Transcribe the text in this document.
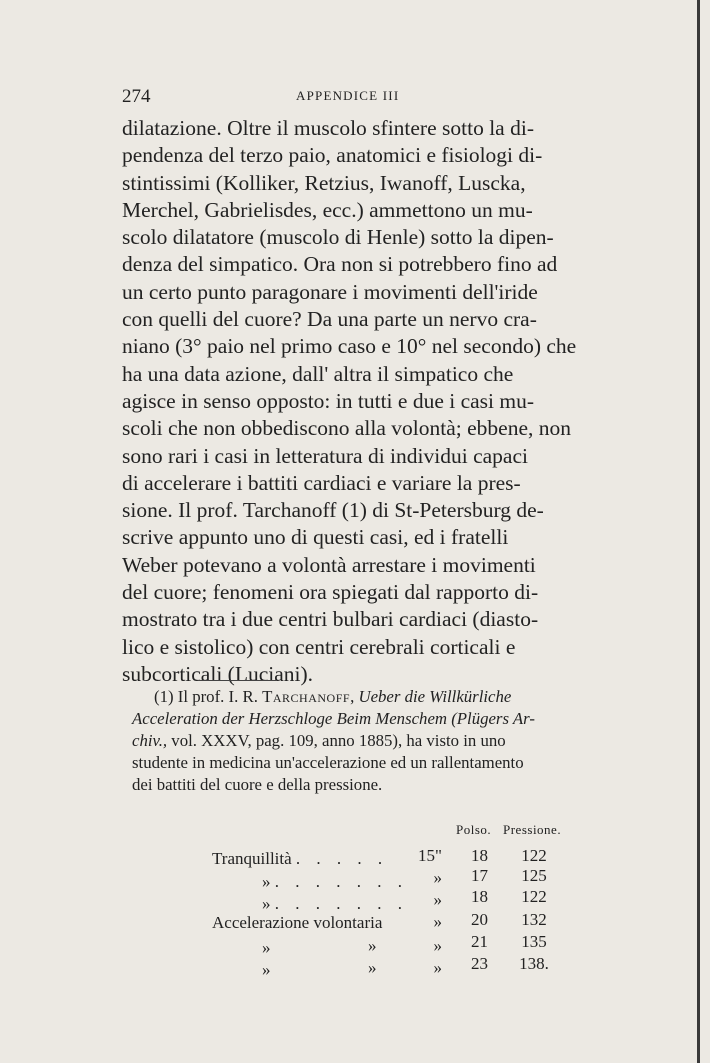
274	APPENDICE III
dilatazione. Oltre il muscolo sfintere sotto la di-
pendenza del terzo paio, anatomici e fisiologi di-
stintissimi (Kolliker, Retzius, Iwanoff, Luscka,
Merchel, Gabrielisdes, ecc.) ammettono un mu-
scolo dilatatore (muscolo di Henle) sotto la dipen-
denza del simpatico. Ora non si potrebbero fino ad
un certo punto paragonare i movimenti dell'iride
con quelli del cuore? Da una parte un nervo cra-
niano (3° paio nel primo caso e 10° nel secondo) che
ha una data azione, dall' altra il simpatico che
agisce in senso opposto: in tutti e due i casi mu-
scoli che non obbediscono alla volontà; ebbene, non
sono rari i casi in letteratura di individui capaci
di accelerare i battiti cardiaci e variare la pres-
sione. Il prof. Tarchanoff (1) di St-Petersburg de-
scrive appunto uno di questi casi, ed i fratelli
Weber potevano a volontà arrestare i movimenti
del cuore; fenomeni ora spiegati dal rapporto di-
mostrato tra i due centri bulbari cardiaci (diasto-
lico e sistolico) con centri cerebrali corticali e
subcorticali (Luciani).
(1) Il prof. I. R. Tarchanoff, Ueber die Willkürliche
Acceleration der Herzschloge Beim Menschem (Plügers Ar-
chiv., vol. XXXV, pag. 109, anno 1885), ha visto in uno
studente in medicina un'accelerazione ed un rallentamento
dei battiti del cuore e della pressione.
Polso. Pressione.
Tranquillità . . . . . 15"	18	122
» . . . . . . .	»	17	125
» . . . . . . .	»	18	122
Accelerazione volontaria	»	20	132
»	»	»	21	135
»	»	»	23	138.
